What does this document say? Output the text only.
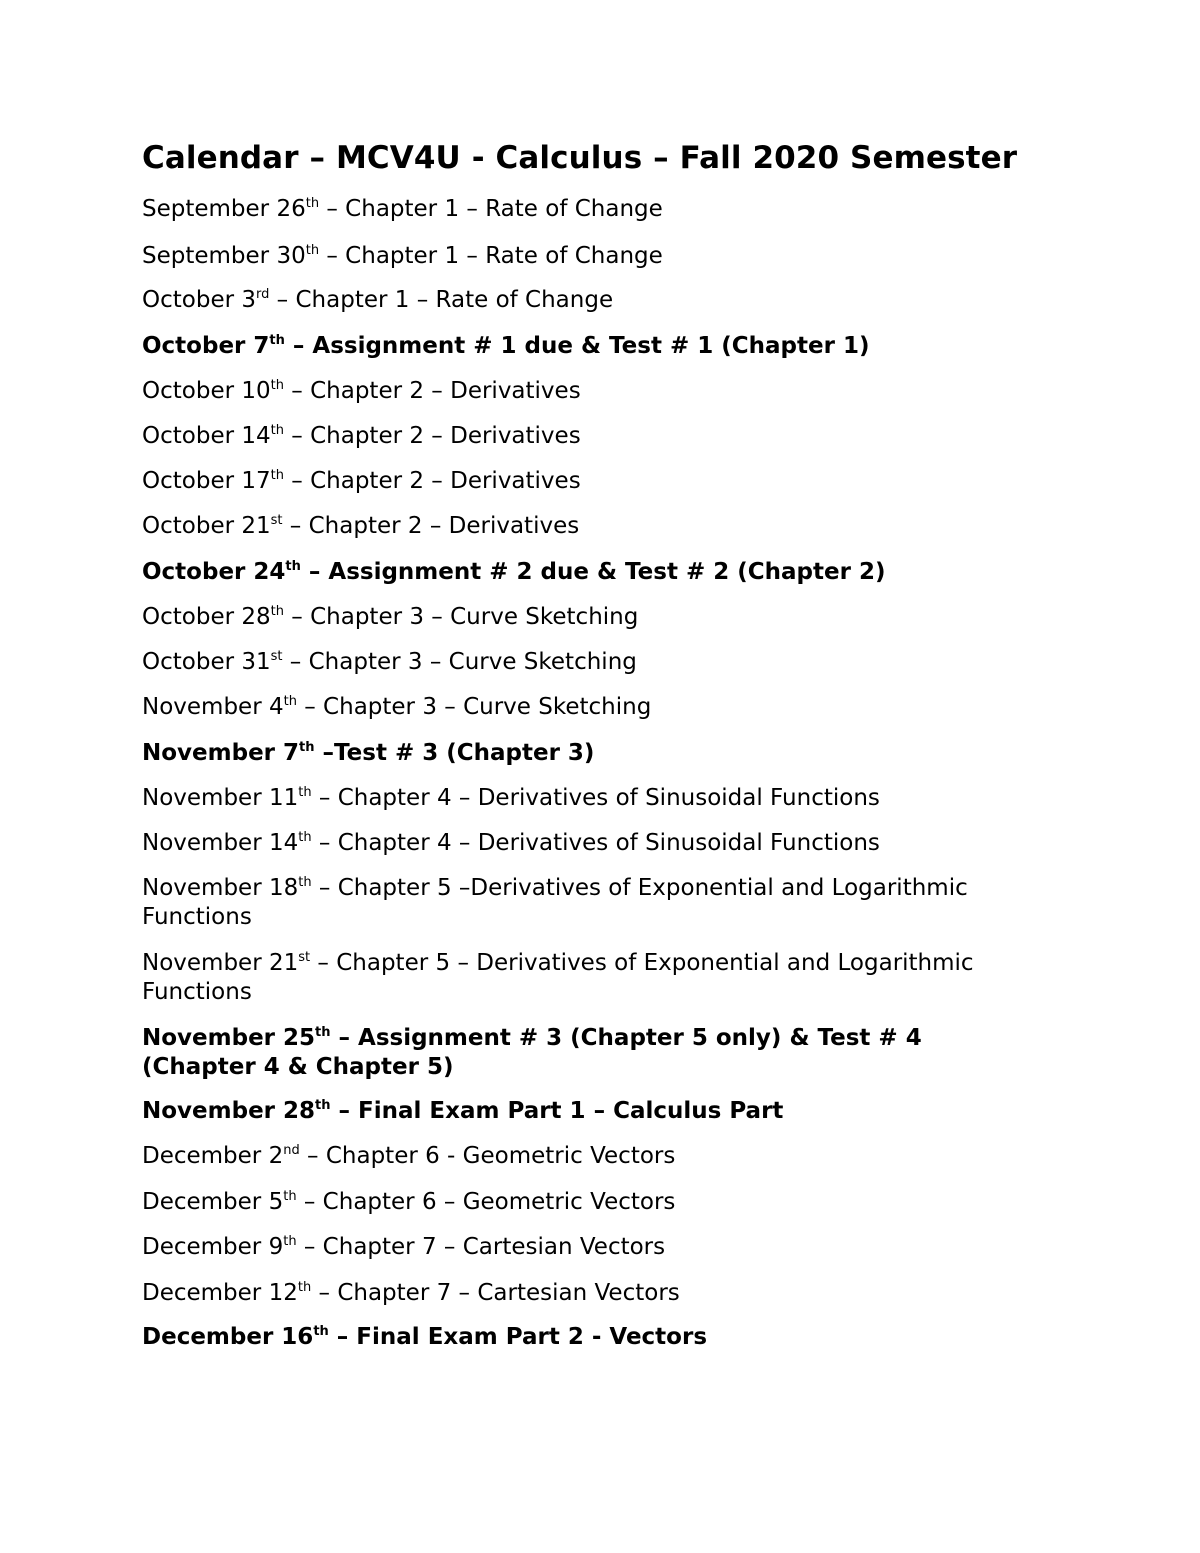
Calendar – MCV4U - Calculus – Fall 2020 Semester
September 26th – Chapter 1 – Rate of Change
September 30th – Chapter 1 – Rate of Change
October 3rd – Chapter 1 – Rate of Change
October 7th – Assignment # 1 due & Test # 1 (Chapter 1)
October 10th – Chapter 2 – Derivatives
October 14th – Chapter 2 – Derivatives
October 17th – Chapter 2 – Derivatives
October 21st – Chapter 2 – Derivatives
October 24th – Assignment # 2 due & Test # 2 (Chapter 2)
October 28th – Chapter 3 – Curve Sketching
October 31st – Chapter 3 – Curve Sketching
November 4th – Chapter 3 – Curve Sketching
November 7th –Test # 3 (Chapter 3)
November 11th – Chapter 4 – Derivatives of Sinusoidal Functions
November 14th – Chapter 4 – Derivatives of Sinusoidal Functions
November 18th – Chapter 5 –Derivatives of Exponential and Logarithmic Functions
November 21st – Chapter 5 – Derivatives of Exponential and Logarithmic Functions
November 25th – Assignment # 3 (Chapter 5 only) & Test # 4 (Chapter 4 & Chapter 5)
November 28th – Final Exam Part 1 – Calculus Part
December 2nd – Chapter 6 - Geometric Vectors
December 5th – Chapter 6 – Geometric Vectors
December 9th – Chapter 7 – Cartesian Vectors
December 12th – Chapter 7 – Cartesian Vectors
December 16th – Final Exam Part 2 - Vectors
